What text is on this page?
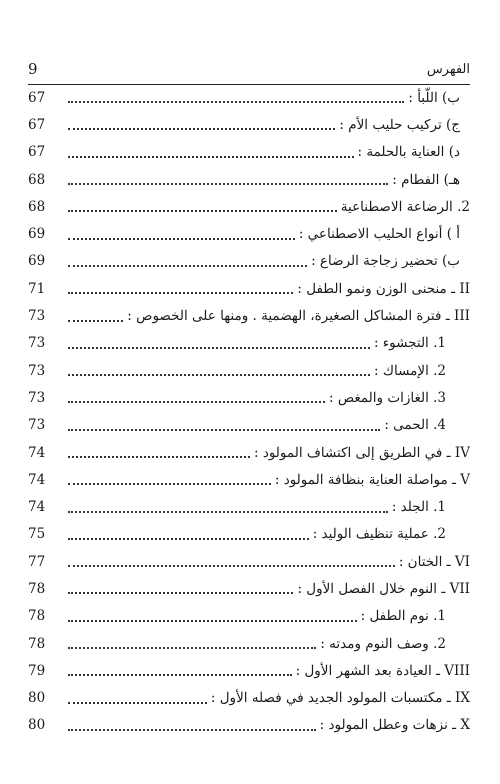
9	الفهرس
67	ب) اللّبأ :
67	ج) تركيب حليب الأم :
67	د) العناية بالحلمة :
68	هـ) الفطام :
68	2. الرضاعة الاصطناعية
69	أ ) أنواع الحليب الاصطناعي :
69	ب) تحضير زجاجة الرضاع :
71	II ـ منحنى الوزن ونمو الطفل :
73	III ـ فترة المشاكل الصغيرة، الهضمية . ومنها على الخصوص :
73	1. التجشوء :
73	2. الإمساك :
73	3. الغازات والمغص :
73	4. الحمى :
74	IV ـ في الطريق إلى اكتشاف المولود :
74	V ـ مواصلة العناية بنظافة المولود :
74	1. الجلد :
75	2. عملية تنظيف الوليد :
77	VI ـ الختان :
78	VII ـ النوم خلال الفصل الأول :
78	1. نوم الطفل :
78	2. وصف النوم ومدته :
79	VIII ـ العيادة بعد الشهر الأول :
80	IX ـ مكتسبات المولود الجديد في فصله الأول :
80	X ـ نزهات وعطل المولود :
